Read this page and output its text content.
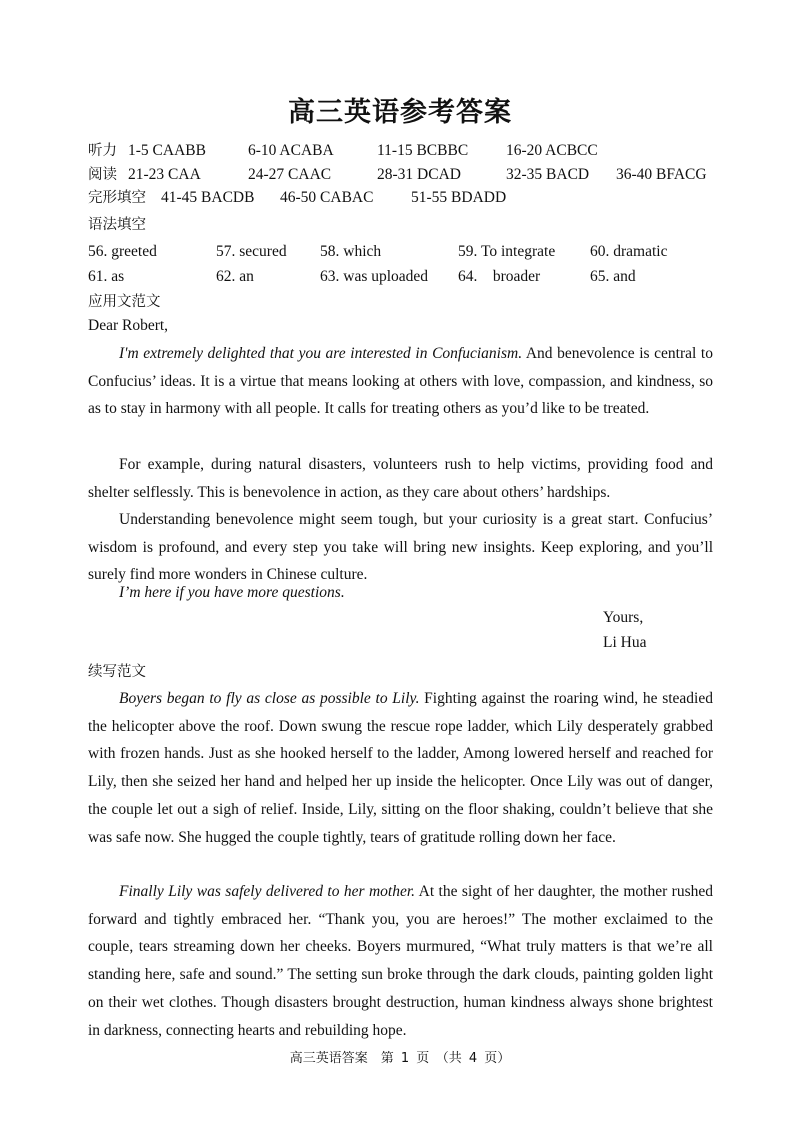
高三英语参考答案
听力 1-5 CAABB	6-10 ACABA	11-15 BCBBC 16-20 ACBCC
阅读 21-23 CAA	24-27 CAAC	28-31 DCAD	32-35 BACD 36-40 BFACG
完形填空 41-45 BACDB 46-50 CABAC 51-55 BDADD
语法填空
56. greeted	57. secured 58. which	59. To integrate 60. dramatic
61. as	62. an	63. was uploaded 64.　broader	65. and
应用文范文
Dear Robert,

I'm extremely delighted that you are interested in Confucianism. And benevolence is central to Confucius’ ideas. It is a virtue that means looking at others with love, compassion, and kindness, so as to stay in harmony with all people. It calls for treating others as you’d like to be treated.

For example, during natural disasters, volunteers rush to help victims, providing food and shelter selflessly. This is benevolence in action, as they care about others’ hardships.

Understanding benevolence might seem tough, but your curiosity is a great start. Confucius’ wisdom is profound, and every step you take will bring new insights. Keep exploring, and you’ll surely find more wonders in Chinese culture.

I’m here if you have more questions.
Yours,
Li Hua
续写范文

Boyers began to fly as close as possible to Lily. Fighting against the roaring wind, he steadied the helicopter above the roof. Down swung the rescue rope ladder, which Lily desperately grabbed with frozen hands. Just as she hooked herself to the ladder, Among lowered herself and reached for Lily, then she seized her hand and helped her up inside the helicopter. Once Lily was out of danger, the couple let out a sigh of relief. Inside, Lily, sitting on the floor shaking, couldn’t believe that she was safe now. She hugged the couple tightly, tears of gratitude rolling down her face.

Finally Lily was safely delivered to her mother. At the sight of her daughter, the mother rushed forward and tightly embraced her. “Thank you, you are heroes!” The mother exclaimed to the couple, tears streaming down her cheeks. Boyers murmured, “What truly matters is that we’re all standing here, safe and sound.” The setting sun broke through the dark clouds, painting golden light on their wet clothes. Though disasters brought destruction, human kindness always shone brightest in darkness, connecting hearts and rebuilding hope.

高三英语答案　第 1 页　（共 4 页）
